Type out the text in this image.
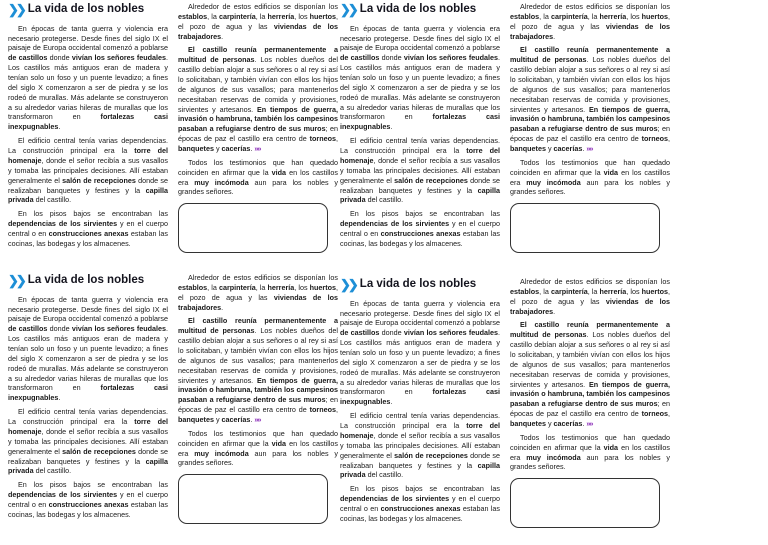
❯❯ La vida de los nobles

En épocas de tanta guerra y violencia era necesario protegerse. Desde fines del siglo IX el paisaje de Europa occidental comenzó a poblarse de castillos donde vivían los señores feudales. Los castillos más antiguos eran de madera y tenían solo un foso y un puente levadizo; a fines del siglo X comenzaron a ser de piedra y se los rodeó de murallas. Más adelante se construyeron a su alrededor varias hileras de murallas que los transformaron en fortalezas casi inexpugnables.

El edificio central tenía varias dependencias. La construcción principal era la torre del homenaje, donde el señor recibía a sus vasallos y tomaba las principales decisiones. Allí estaban generalmente el salón de recepciones donde se realizaban banquetes y festines y la capilla privada del castillo.

En los pisos bajos se encontraban las dependencias de los sirvientes y en el cuerpo central o en construcciones anexas estaban las cocinas, las bodegas y los almacenes.

Alrededor de estos edificios se disponían los establos, la carpintería, la herrería, los huertos, el pozo de agua y las viviendas de los trabajadores.

El castillo reunía permanentemente a multitud de personas. Los nobles dueños del castillo debían alojar a sus señores o al rey si así lo solicitaban, y también vivían con ellos los hijos de algunos de sus vasallos; para mantenerlos necesitaban reservas de comida y provisiones, sirvientes y artesanos. En tiempos de guerra, invasión o hambruna, también los campesinos pasaban a refugiarse dentro de sus muros; en épocas de paz el castillo era centro de torneos, banquetes y cacerías. »»

Todos los testimonios que han quedado coinciden en afirmar que la vida en los castillos era muy incómoda aun para los nobles y grandes señores.

❯❯ La vida de los nobles

En épocas de tanta guerra y violencia era necesario protegerse. Desde fines del siglo IX el paisaje de Europa occidental comenzó a poblarse de castillos donde vivían los señores feudales. Los castillos más antiguos eran de madera y tenían solo un foso y un puente levadizo; a fines del siglo X comenzaron a ser de piedra y se los rodeó de murallas. Más adelante se construyeron a su alrededor varias hileras de murallas que los transformaron en fortalezas casi inexpugnables.

El edificio central tenía varias dependencias. La construcción principal era la torre del homenaje, donde el señor recibía a sus vasallos y tomaba las principales decisiones. Allí estaban generalmente el salón de recepciones donde se realizaban banquetes y festines y la capilla privada del castillo.

En los pisos bajos se encontraban las dependencias de los sirvientes y en el cuerpo central o en construcciones anexas estaban las cocinas, las bodegas y los almacenes.

Alrededor de estos edificios se disponían los establos, la carpintería, la herrería, los huertos, el pozo de agua y las viviendas de los trabajadores.

El castillo reunía permanentemente a multitud de personas. Los nobles dueños del castillo debían alojar a sus señores o al rey si así lo solicitaban, y también vivían con ellos los hijos de algunos de sus vasallos; para mantenerlos necesitaban reservas de comida y provisiones, sirvientes y artesanos. En tiempos de guerra, invasión o hambruna, también los campesinos pasaban a refugiarse dentro de sus muros; en épocas de paz el castillo era centro de torneos, banquetes y cacerías. »»

Todos los testimonios que han quedado coinciden en afirmar que la vida en los castillos era muy incómoda aun para los nobles y grandes señores.

❯❯ La vida de los nobles

En épocas de tanta guerra y violencia era necesario protegerse. Desde fines del siglo IX el paisaje de Europa occidental comenzó a poblarse de castillos donde vivían los señores feudales. Los castillos más antiguos eran de madera y tenían solo un foso y un puente levadizo; a fines del siglo X comenzaron a ser de piedra y se los rodeó de murallas. Más adelante se construyeron a su alrededor varias hileras de murallas que los transformaron en fortalezas casi inexpugnables.

El edificio central tenía varias dependencias. La construcción principal era la torre del homenaje, donde el señor recibía a sus vasallos y tomaba las principales decisiones. Allí estaban generalmente el salón de recepciones donde se realizaban banquetes y festines y la capilla privada del castillo.

En los pisos bajos se encontraban las dependencias de los sirvientes y en el cuerpo central o en construcciones anexas estaban las cocinas, las bodegas y los almacenes.

Alrededor de estos edificios se disponían los establos, la carpintería, la herrería, los huertos, el pozo de agua y las viviendas de los trabajadores.

El castillo reunía permanentemente a multitud de personas. Los nobles dueños del castillo debían alojar a sus señores o al rey si así lo solicitaban, y también vivían con ellos los hijos de algunos de sus vasallos; para mantenerlos necesitaban reservas de comida y provisiones, sirvientes y artesanos. En tiempos de guerra, invasión o hambruna, también los campesinos pasaban a refugiarse dentro de sus muros; en épocas de paz el castillo era centro de torneos, banquetes y cacerías. »»

Todos los testimonios que han quedado coinciden en afirmar que la vida en los castillos era muy incómoda aun para los nobles y grandes señores.

❯❯ La vida de los nobles

En épocas de tanta guerra y violencia era necesario protegerse. Desde fines del siglo IX el paisaje de Europa occidental comenzó a poblarse de castillos donde vivían los señores feudales. Los castillos más antiguos eran de madera y tenían solo un foso y un puente levadizo; a fines del siglo X comenzaron a ser de piedra y se los rodeó de murallas. Más adelante se construyeron a su alrededor varias hileras de murallas que los transformaron en fortalezas casi inexpugnables.

El edificio central tenía varias dependencias. La construcción principal era la torre del homenaje, donde el señor recibía a sus vasallos y tomaba las principales decisiones. Allí estaban generalmente el salón de recepciones donde se realizaban banquetes y festines y la capilla privada del castillo.

En los pisos bajos se encontraban las dependencias de los sirvientes y en el cuerpo central o en construcciones anexas estaban las cocinas, las bodegas y los almacenes.

Alrededor de estos edificios se disponían los establos, la carpintería, la herrería, los huertos, el pozo de agua y las viviendas de los trabajadores.

El castillo reunía permanentemente a multitud de personas. Los nobles dueños del castillo debían alojar a sus señores o al rey si así lo solicitaban, y también vivían con ellos los hijos de algunos de sus vasallos; para mantenerlos necesitaban reservas de comida y provisiones, sirvientes y artesanos. En tiempos de guerra, invasión o hambruna, también los campesinos pasaban a refugiarse dentro de sus muros; en épocas de paz el castillo era centro de torneos, banquetes y cacerías. »»

Todos los testimonios que han quedado coinciden en afirmar que la vida en los castillos era muy incómoda aun para los nobles y grandes señores.
